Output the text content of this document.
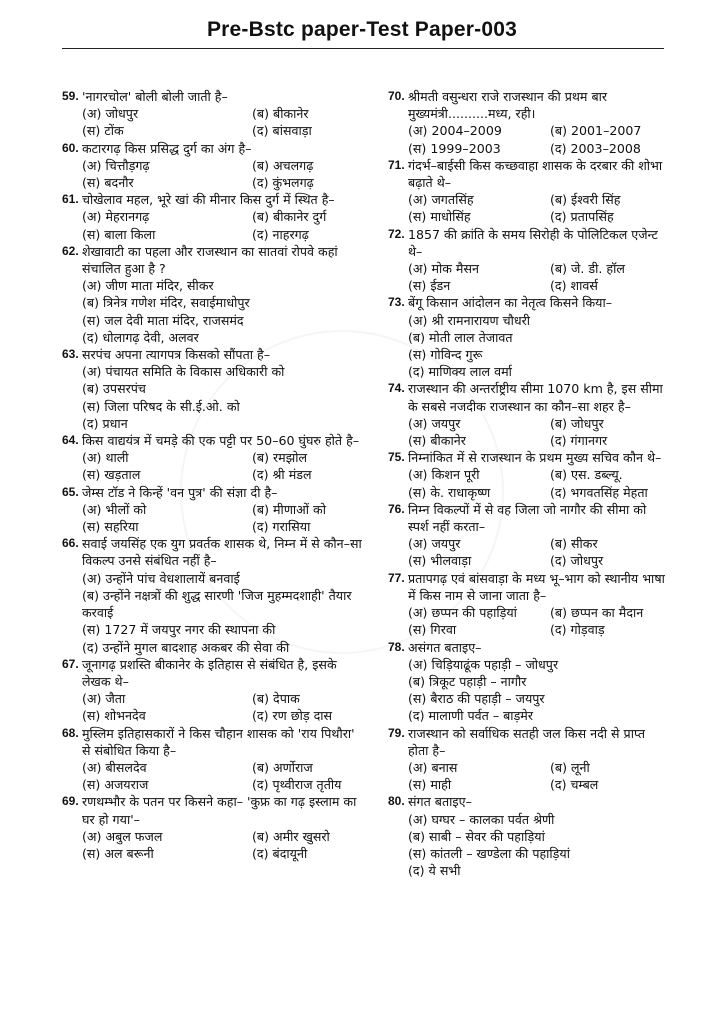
Pre-Bstc paper-Test Paper-003
59. 'नागरचोल' बोली बोली जाती है–
(अ) जोधपुर	(ब) बीकानेर
(स) टोंक	(द) बांसवाड़ा
60. कटारगढ़ किस प्रसिद्ध दुर्ग का अंग है–
(अ) चित्तौड़गढ़	(ब) अचलगढ़
(स) बदनौर	(द) कुंभलगढ़
61. चोखेलाव महल, भूरे खां की मीनार किस दुर्ग में स्थित है–
(अ) मेहरानगढ़	(ब) बीकानेर दुर्ग
(स) बाला किला	(द) नाहरगढ़
62. शेखावाटी का पहला और राजस्थान का सातवां रोपवे कहां संचालित हुआ है ?
(अ) जीण माता मंदिर, सीकर
(ब) त्रिनेत्र गणेश मंदिर, सवाईमाधोपुर
(स) जल देवी माता मंदिर, राजसमंद
(द) धोलागढ़ देवी, अलवर
63. सरपंच अपना त्यागपत्र किसको सौंपता है–
(अ) पंचायत समिति के विकास अधिकारी को
(ब) उपसरपंच
(स) जिला परिषद के सी.ई.ओ. को
(द) प्रधान
64. किस वाद्ययंत्र में चमड़े की एक पट्टी पर 50–60 घुंघरु होते है–
(अ) थाली	(ब) रमझोल
(स) खड़ताल	(द) श्री मंडल
65. जेम्स टॉड ने किन्हें 'वन पुत्र' की संज्ञा दी है–
(अ) भीलों को	(ब) मीणाओं को
(स) सहरिया	(द) गरासिया
66. सवाई जयसिंह एक युग प्रवर्तक शासक थे, निम्न में से कौन–सा विकल्प उनसे संबंधित नहीं है–
(अ) उन्होंने पांच वेधशालायें बनवाई
(ब) उन्होंने नक्षत्रों की शुद्ध सारणी 'जिज मुहम्मदशाही' तैयार करवाई
(स) 1727 में जयपुर नगर की स्थापना की
(द) उन्होंने मुगल बादशाह अकबर की सेवा की
67. जूनागढ़ प्रशस्ति बीकानेर के इतिहास से संबंधित है, इसके लेखक थे–
(अ) जैता	(ब) देपाक
(स) शोभनदेव	(द) रण छोड़ दास
68. मुस्लिम इतिहासकारों ने किस चौहान शासक को 'राय पिथौरा' से संबोधित किया है–
(अ) बीसलदेव	(ब) अर्णोराज
(स) अजयराज	(द) पृथ्वीराज तृतीय
69. रणथम्भौर के पतन पर किसने कहा– 'कुफ्र का गढ़ इस्लाम का घर हो गया'–
(अ) अबुल फजल	(ब) अमीर खुसरो
(स) अल बरूनी	(द) बंदायूनी
70. श्रीमती वसुन्धरा राजे राजस्थान की प्रथम बार मुख्यमंत्री..........मध्य, रही।
(अ) 2004–2009	(ब) 2001–2007
(स) 1999–2003	(द) 2003–2008
71. गंदर्भ–बाईसी किस कच्छवाहा शासक के दरबार की शोभा बढ़ाते थे–
(अ) जगतसिंह	(ब) ईश्वरी सिंह
(स) माधोसिंह	(द) प्रतापसिंह
72. 1857 की क्रांति के समय सिरोही के पोलिटिकल एजेन्ट थे–
(अ) मोक मैसन	(ब) जे. डी. हॉल
(स) ईडन	(द) शावर्स
73. बेंगू किसान आंदोलन का नेतृत्व किसने किया–
(अ) श्री रामनारायण चौधरी
(ब) मोती लाल तेजावत
(स) गोविन्द गुरू
(द) माणिक्य लाल वर्मा
74. राजस्थान की अन्तर्राष्ट्रीय सीमा 1070 km है, इस सीमा के सबसे नजदीक राजस्थान का कौन–सा शहर है–
(अ) जयपुर	(ब) जोधपुर
(स) बीकानेर	(द) गंगानगर
75. निम्नांकित में से राजस्थान के प्रथम मुख्य सचिव कौन थे–
(अ) किशन पूरी	(ब) एस. डब्ल्यू.
(स) के. राधाकृष्ण	(द) भगवतसिंह मेहता
76. निम्न विकल्पों में से वह जिला जो नागौर की सीमा को स्पर्श नहीं करता–
(अ) जयपुर	(ब) सीकर
(स) भीलवाड़ा	(द) जोधपुर
77. प्रतापगढ़ एवं बांसवाड़ा के मध्य भू–भाग को स्थानीय भाषा में किस नाम से जाना जाता है–
(अ) छप्पन की पहाड़ियां	(ब) छप्पन का मैदान
(स) गिरवा	(द) गोड़वाड़
78. असंगत बताइए–
(अ) चिड़ियाढूंक पहाड़ी – जोधपुर
(ब) त्रिकूट पहाड़ी – नागौर
(स) बैराठ की पहाड़ी – जयपुर
(द) मालाणी पर्वत – बाड़मेर
79. राजस्थान को सर्वाधिक सतही जल किस नदी से प्राप्त होता है–
(अ) बनास	(ब) लूनी
(स) माही	(द) चम्बल
80. संगत बताइए–
(अ) घग्घर – कालका पर्वत श्रेणी
(ब) साबी – सेवर की पहाड़ियां
(स) कांतली – खण्डेला की पहाड़ियां
(द) ये सभी
